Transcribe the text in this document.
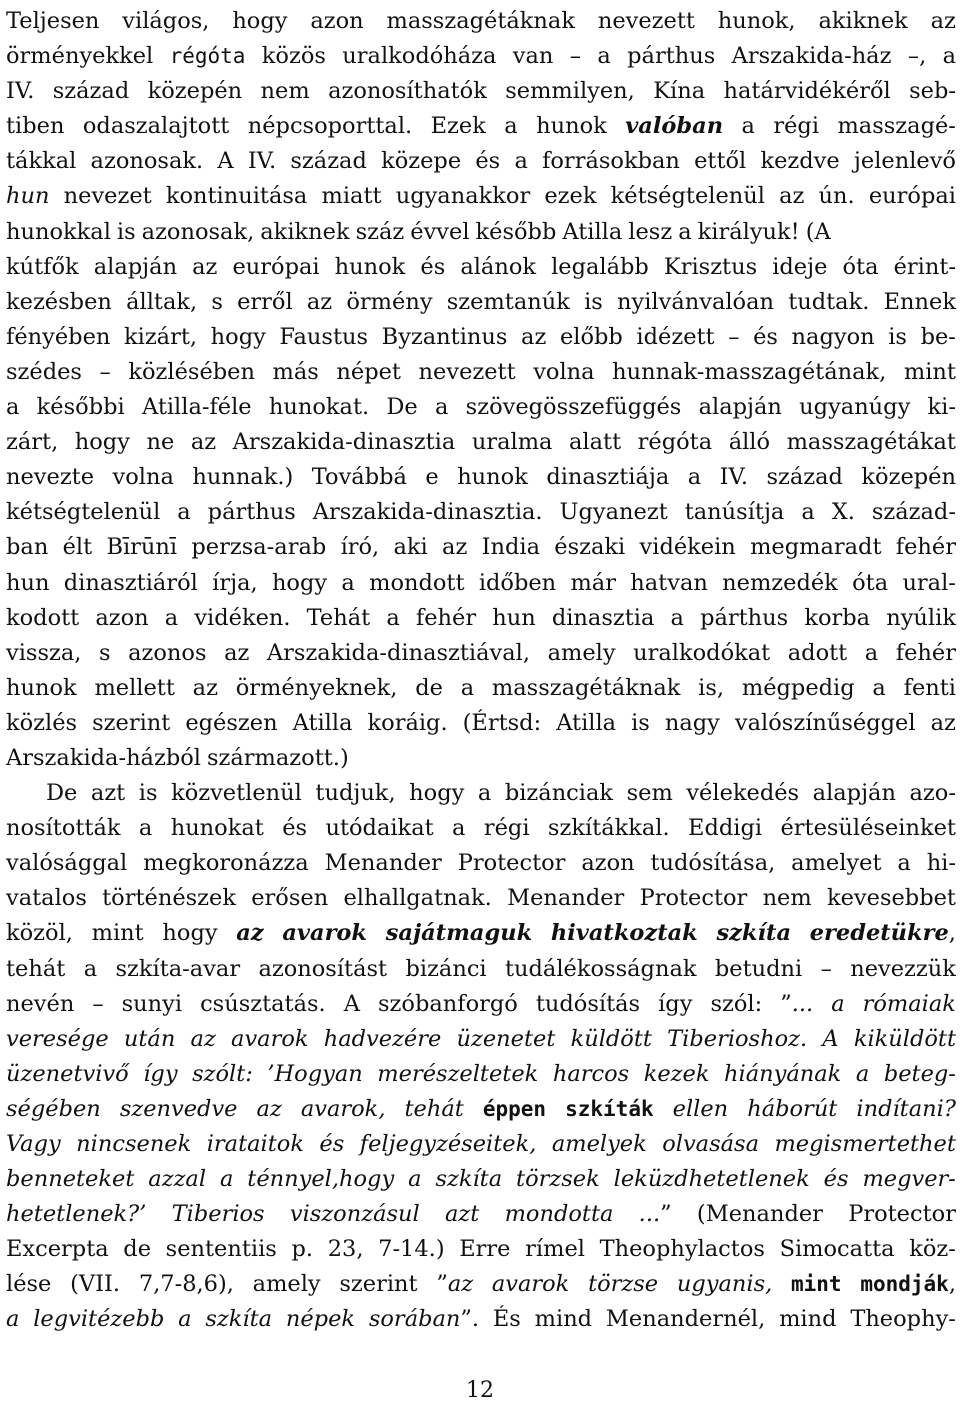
Teljesen világos, hogy azon masszagétáknak nevezett hunok, akiknek az
örményekkel régóta közös uralkodóháza van – a párthus Arszakida-ház –, a
IV. század közepén nem azonosíthatók semmilyen, Kína határvidékéről seb-
tiben odaszalajtott népcsoporttal. Ezek a hunok valóban a régi masszagé-
tákkal azonosak. A IV. század közepe és a forrásokban ettől kezdve jelenlevő
hun nevezet kontinuitása miatt ugyanakkor ezek kétségtelenül az ún. európai
hunokkal is azonosak, akiknek száz évvel később Atilla lesz a királyuk! (A
kútfők alapján az európai hunok és alánok legalább Krisztus ideje óta érint-
kezésben álltak, s erről az örmény szemtanúk is nyilvánvalóan tudtak. Ennek
fényében kizárt, hogy Faustus Byzantinus az előbb idézett – és nagyon is be-
szédes – közlésében más népet nevezett volna hunnak-masszagétának, mint
a későbbi Atilla-féle hunokat. De a szövegösszefüggés alapján ugyanúgy ki-
zárt, hogy ne az Arszakida-dinasztia uralma alatt régóta álló masszagétákat
nevezte volna hunnak.) Továbbá e hunok dinasztiája a IV. század közepén
kétségtelenül a párthus Arszakida-dinasztia. Ugyanezt tanúsítja a X. század-
ban élt Bīrūnī perzsa-arab író, aki az India északi vidékein megmaradt fehér
hun dinasztiáról írja, hogy a mondott időben már hatvan nemzedék óta ural-
kodott azon a vidéken. Tehát a fehér hun dinasztia a párthus korba nyúlik
vissza, s azonos az Arszakida-dinasztiával, amely uralkodókat adott a fehér
hunok mellett az örményeknek, de a masszagétáknak is, mégpedig a fenti
közlés szerint egészen Atilla koráig. (Értsd: Atilla is nagy valószínűséggel az
Arszakida-házból származott.)
De azt is közvetlenül tudjuk, hogy a bizánciak sem vélekedés alapján azo-
nosították a hunokat és utódaikat a régi szkítákkal. Eddigi értesüléseinket
valósággal megkoronázza Menander Protector azon tudósítása, amelyet a hi-
vatalos történészek erősen elhallgatnak. Menander Protector nem kevesebbet
közöl, mint hogy az avarok sajátmaguk hivatkoztak szkíta eredetükre,
tehát a szkíta-avar azonosítást bizánci tudálékosságnak betudni – nevezzük
nevén – sunyi csúsztatás. A szóbanforgó tudósítás így szól: ”... a rómaiak
veresége után az avarok hadvezére üzenetet küldött Tiberioshoz. A kiküldött
üzenetvivő így szólt: ’Hogyan merészeltetek harcos kezek hiányának a beteg-
ségében szenvedve az avarok, tehát éppen szkíták ellen háborút indítani?
Vagy nincsenek irataitok és feljegyzéseitek, amelyek olvasása megismertethet
benneteket azzal a ténnyel,hogy a szkíta törzsek leküzdhetetlenek és megver-
hetetlenek?’ Tiberios viszonzásul azt mondotta ...” (Menander Protector
Excerpta de sententiis p. 23, 7-14.) Erre rímel Theophylactos Simocatta köz-
lése (VII. 7,7-8,6), amely szerint ”az avarok törzse ugyanis, mint mondják,
a legvitézebb a szkíta népek sorában”. És mind Menandernél, mind Theophy-
12
